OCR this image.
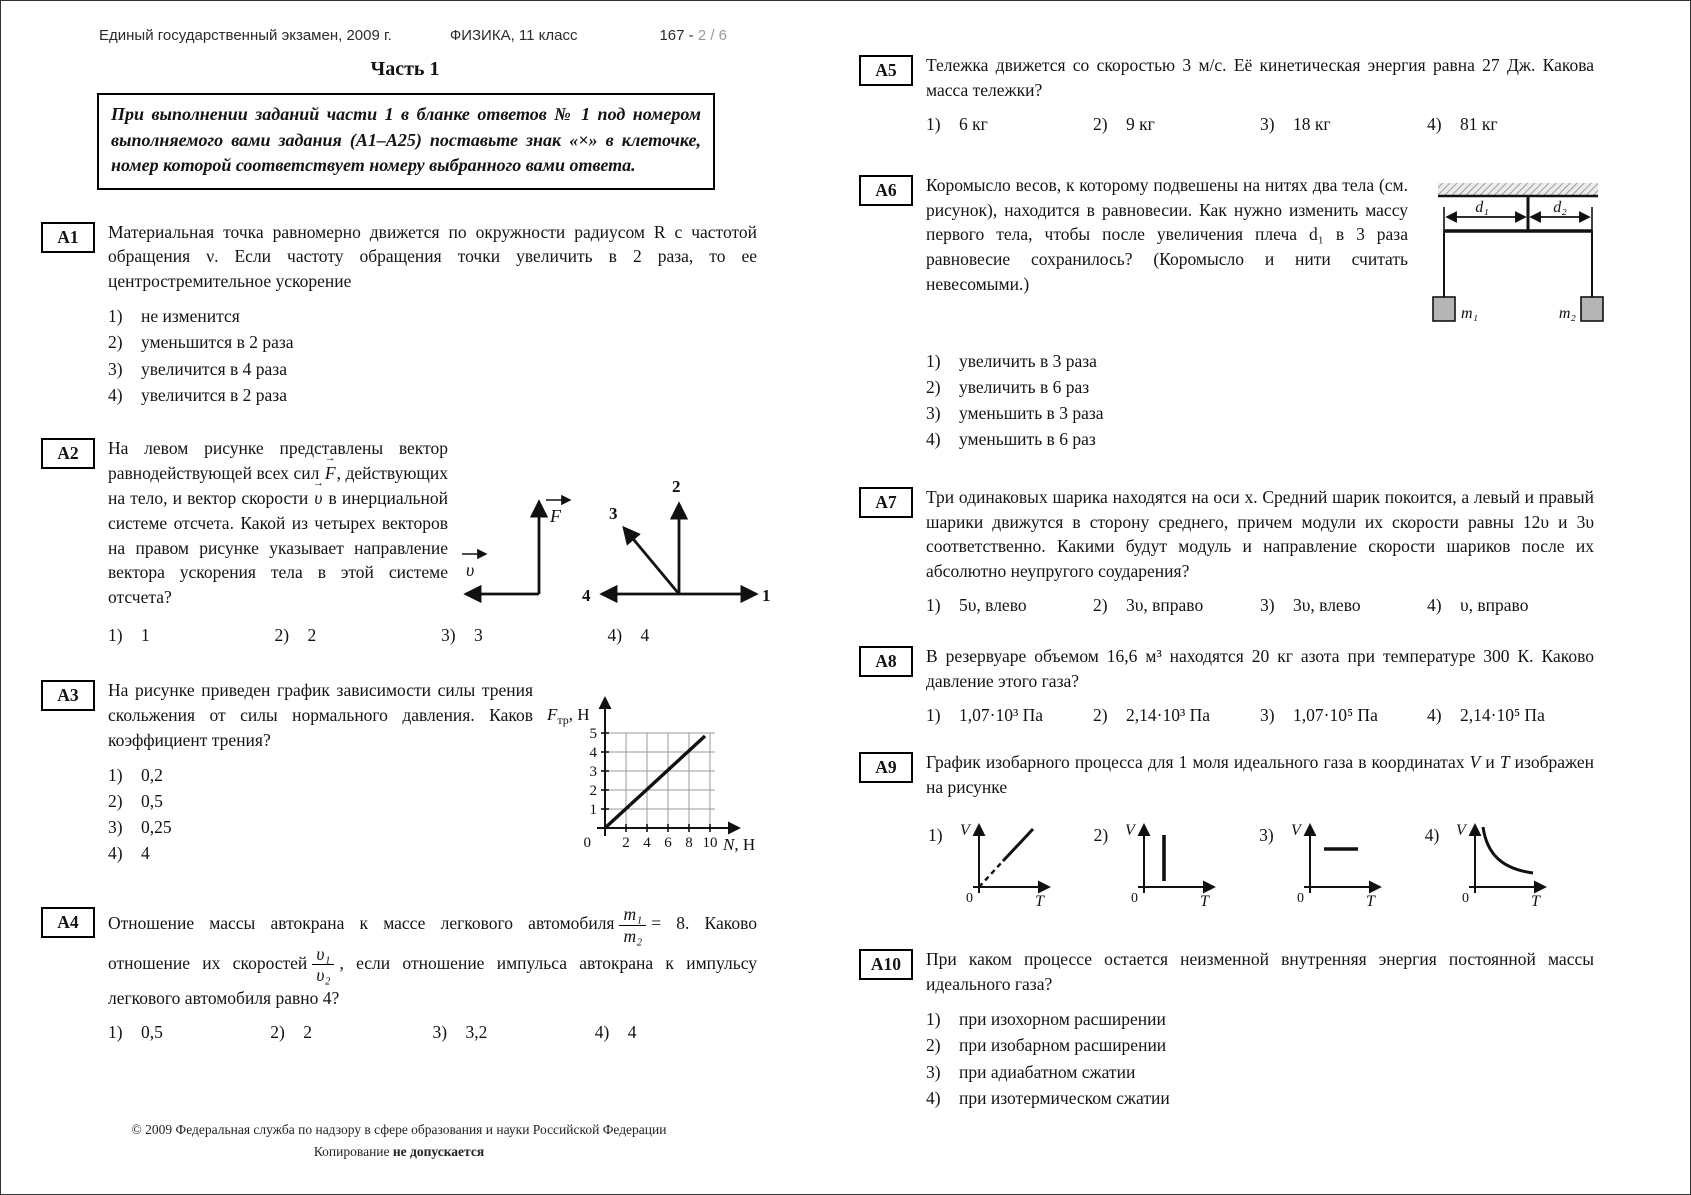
Единый государственный экзамен, 2009 г.	ФИЗИКА, 11 класс	167 - 2 / 6
Часть 1
При выполнении заданий части 1 в бланке ответов № 1 под номером выполняемого вами задания (А1–А25) поставьте знак «×» в клеточке, номер которой соответствует номеру выбранного вами ответа.
А1 Материальная точка равномерно движется по окружности радиусом R с частотой обращения ν. Если частоту обращения точки увеличить в 2 раза, то ее центростремительное ускорение

1)	не изменится
2)	уменьшится в 2 раза
3)	увеличится в 4 раза
4)	увеличится в 2 раза
А2 На левом рисунке представлены вектор равнодействующей всех сил F →, действующих на тело, и вектор скорости υ → в инерциальной системе отсчета. Какой из четырех векторов на правом рисунке указывает направление вектора ускорения тела в этой системе отсчета?

F
υ
2
3
4	1
1)	1	2)	2	3)	3	4)	4
А3 На рисунке приведен график зависимости силы трения скольжения от силы нормального давления. Каков коэффициент трения?

1)	0,2
2)	0,5
3)	0,25
4)	4
1
2
3
4
5
2 4 6 8 10
0
$F_{тр}$, Н
N, Н
А4 Отношение массы автокрана к массе легкового автомобиля $\frac{\text{m₁}}{\text{m₂}} = 8$. Каково отношение их скоростей $\frac{\text{υ₁}}{\text{υ₂}}$ , если отношение импульса автокрана к импульсу легкового автомобиля равно 4?

1)	0,5	2)	2	3)	3,2	4)	4
А5 Тележка движется со скоростью 3 м/с. Её кинетическая энергия равна 27 Дж. Какова масса тележки?

1)	6 кг	2)	9 кг	3)	18 кг	4)	81 кг
А6 Коромысло весов, к которому подвешены на нитях два тела (см. рисунок), находится в равновесии. Как нужно изменить массу первого тела, чтобы после увеличения плеча d₁ в 3 раза равновесие сохранилось? (Коромысло и нити считать невесомыми.)

d₁	d₂
m₁	m₂
1)	увеличить в 3 раза
2)	увеличить в 6 раз
3)	уменьшить в 3 раза
4)	уменьшить в 6 раз
А7 Три одинаковых шарика находятся на оси x. Средний шарик покоится, а левый и правый шарики движутся в сторону среднего, причем модули их скорости равны 12υ и 3υ соответственно. Какими будут модуль и направление скорости шариков после их абсолютно неупругого соударения?

1)	5υ, влево	2)	3υ, вправо	3)	3υ, влево	4)	υ, вправо
А8 В резервуаре объемом 16,6 м³ находятся 20 кг азота при температуре 300 К. Каково давление этого газа?

1)	1,07·10³ Па	2)	2,14·10³ Па	3)	1,07·10⁵ Па	4)	2,14·10⁵ Па
А9 График изобарного процесса для 1 моля идеального газа в координатах V и T изображен на рисунке

1) V
T
0
2) V
T
0
3) V
T
0
4) V
T
0
А10 При каком процессе остается неизменной внутренняя энергия постоянной массы идеального газа?

1)	при изохорном расширении
2)	при изобарном расширении
3)	при адиабатном сжатии
4)	при изотермическом сжатии
© 2009 Федеральная служба по надзору в сфере образования и науки Российской Федерации
Копирование не допускается
